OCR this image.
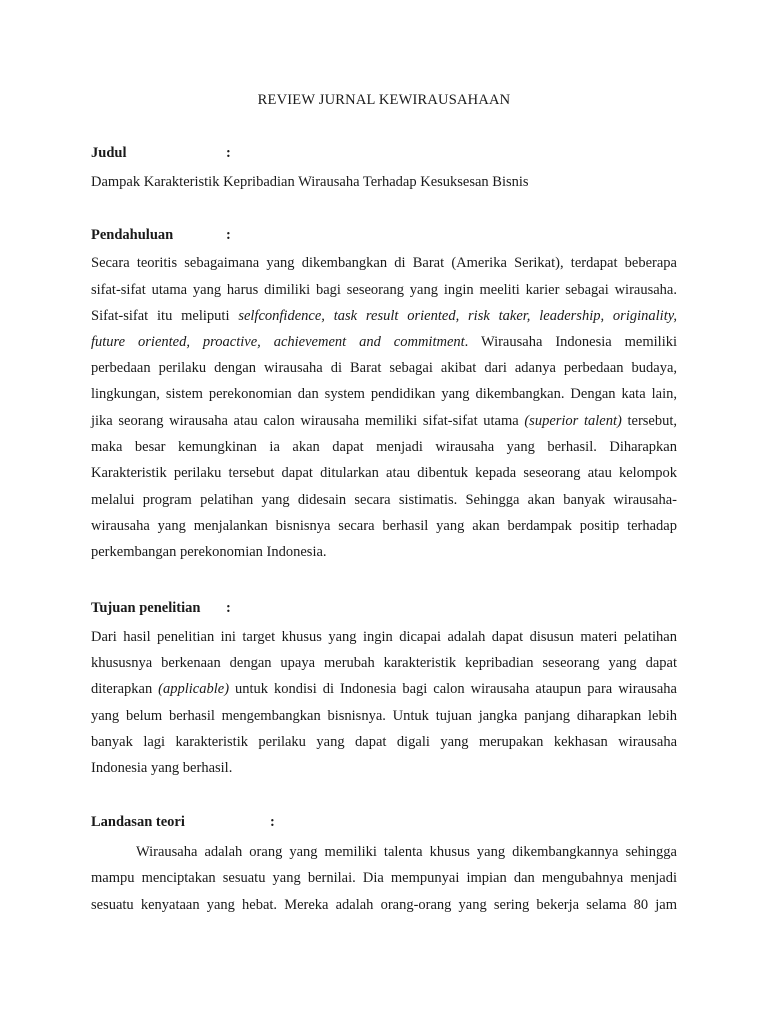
REVIEW JURNAL KEWIRAUSAHAAN
Judul	:
Dampak Karakteristik Kepribadian Wirausaha Terhadap Kesuksesan Bisnis
Pendahuluan	:
Secara teoritis sebagaimana yang dikembangkan di Barat (Amerika Serikat), terdapat beberapa
sifat-sifat utama yang harus dimiliki bagi seseorang yang ingin meeliti karier sebagai wirausaha.
Sifat-sifat itu meliputi selfconfidence, task result oriented, risk taker, leadership, originality,
future oriented, proactive, achievement and commitment. Wirausaha Indonesia memiliki
perbedaan perilaku dengan wirausaha di Barat sebagai akibat dari adanya perbedaan budaya,
lingkungan, sistem perekonomian dan system pendidikan yang dikembangkan. Dengan kata lain,
jika seorang wirausaha atau calon wirausaha memiliki sifat-sifat utama (superior talent) tersebut,
maka besar kemungkinan ia akan dapat menjadi wirausaha yang berhasil. Diharapkan
Karakteristik perilaku tersebut dapat ditularkan atau dibentuk kepada seseorang atau kelompok
melalui program pelatihan yang didesain secara sistimatis. Sehingga akan banyak wirausaha-
wirausaha yang menjalankan bisnisnya secara berhasil yang akan berdampak positip terhadap
perkembangan perekonomian Indonesia.
Tujuan penelitian :
Dari hasil penelitian ini target khusus yang ingin dicapai adalah dapat disusun materi pelatihan
khususnya berkenaan dengan upaya merubah karakteristik kepribadian seseorang yang dapat
diterapkan (applicable) untuk kondisi di Indonesia bagi calon wirausaha ataupun para wirausaha
yang belum berhasil mengembangkan bisnisnya. Untuk tujuan jangka panjang diharapkan lebih
banyak lagi karakteristik perilaku yang dapat digali yang merupakan kekhasan wirausaha
Indonesia yang berhasil.
Landasan teori	:
Wirausaha adalah orang yang memiliki talenta khusus yang dikembangkannya sehingga
mampu menciptakan sesuatu yang bernilai. Dia mempunyai impian dan mengubahnya menjadi
sesuatu kenyataan yang hebat. Mereka adalah orang-orang yang sering bekerja selama 80 jam
